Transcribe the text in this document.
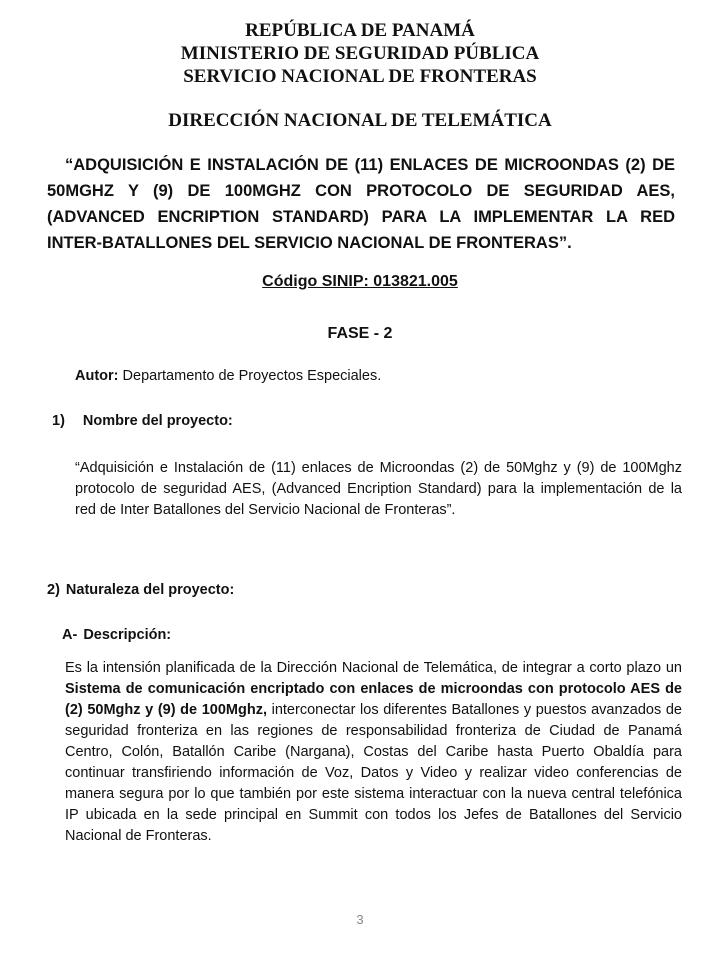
REPÚBLICA DE PANAMÁ
MINISTERIO DE SEGURIDAD PÚBLICA
SERVICIO NACIONAL DE FRONTERAS
DIRECCIÓN NACIONAL DE TELEMÁTICA
“ADQUISICIÓN E INSTALACIÓN DE (11) ENLACES DE MICROONDAS (2) DE 50MGHZ Y (9) DE 100MGHZ CON PROTOCOLO DE SEGURIDAD AES, (ADVANCED ENCRIPTION STANDARD) PARA LA IMPLEMENTAR LA RED INTER-BATALLONES DEL SERVICIO NACIONAL DE FRONTERAS”.
Código SINIP: 013821.005
FASE - 2
Autor: Departamento de Proyectos Especiales.
1) Nombre del proyecto:
“Adquisición e Instalación de (11) enlaces de Microondas (2) de 50Mghz y (9) de 100Mghz protocolo de seguridad AES, (Advanced Encription Standard) para la implementación de la red de Inter Batallones del Servicio Nacional de Fronteras”.
2) Naturaleza del proyecto:
A- Descripción:
Es la intensión planificada de la Dirección Nacional de Telemática, de integrar a corto plazo un Sistema de comunicación encriptado con enlaces de microondas con protocolo AES de (2) 50Mghz y (9) de 100Mghz, interconectar los diferentes Batallones y puestos avanzados de seguridad fronteriza en las regiones de responsabilidad fronteriza de Ciudad de Panamá Centro, Colón, Batallón Caribe (Nargana), Costas del Caribe hasta Puerto Obaldía para continuar transfiriendo información de Voz, Datos y Video y realizar video conferencias de manera segura por lo que también por este sistema interactuar con la nueva central telefónica IP ubicada en la sede principal en Summit con todos los Jefes de Batallones del Servicio Nacional de Fronteras.
3
